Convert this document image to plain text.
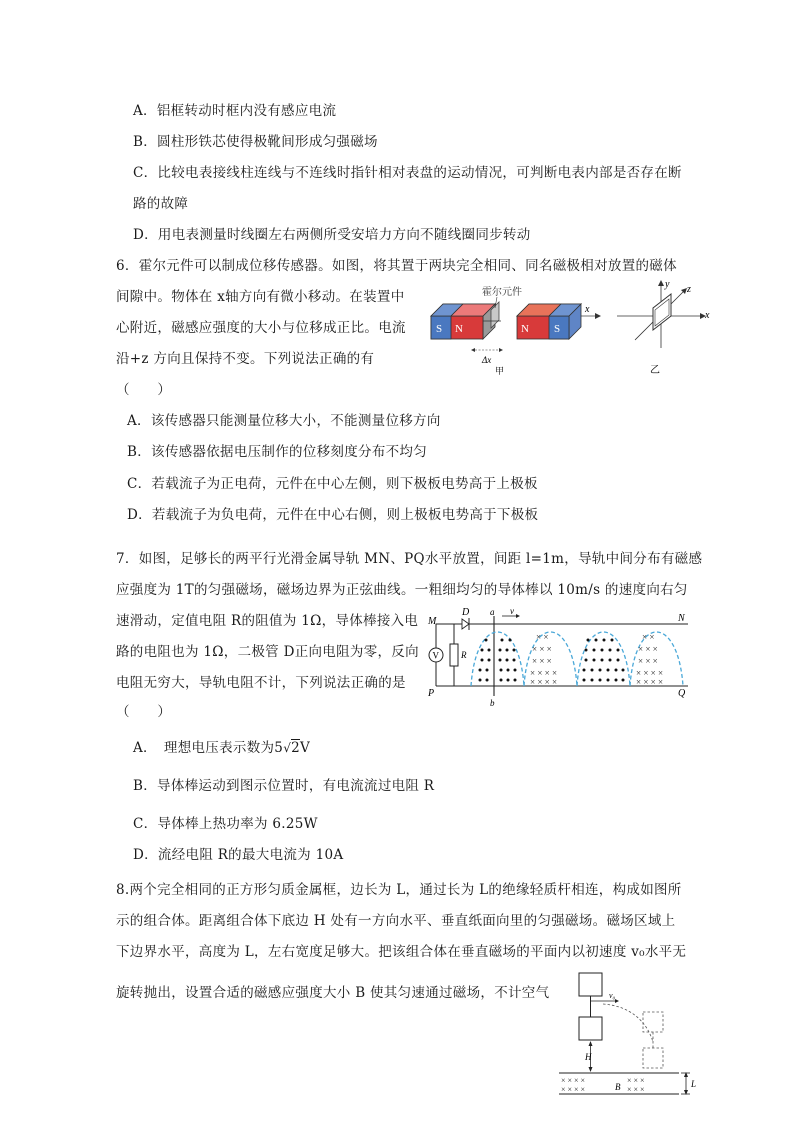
A．铝框转动时框内没有感应电流
B．圆柱形铁芯使得极靴间形成匀强磁场
C．比较电表接线柱连线与不连线时指针相对表盘的运动情况，可判断电表内部是否存在断
路的故障
D．用电表测量时线圈左右两侧所受安培力方向不随线圈同步转动
6．霍尔元件可以制成位移传感器。如图，将其置于两块完全相同、同名磁极相对放置的磁体
间隙中。物体在 x轴方向有微小移动。在装置中
心附近，磁感应强度的大小与位移成正比。电流
沿+z 方向且保持不变。下列说法正确的有
（　　）
A．该传感器只能测量位移大小，不能测量位移方向
B．该传感器依据电压制作的位移刻度分布不均匀
C．若载流子为正电荷，元件在中心左侧，则下极板电势高于上极板
D．若载流子为负电荷，元件在中心右侧，则上极板电势高于下极板
S N
霍尔元件
N S
x
Δx
甲
x
y z
乙
7．如图，足够长的两平行光滑金属导轨 MN、PQ水平放置，间距 l=1m，导轨中间分布有磁感
应强度为 1T的匀强磁场，磁场边界为正弦曲线。一粗细均匀的导体棒以 10m/s 的速度向右匀
速滑动，定值电阻 R的阻值为 1Ω，导体棒接入电
路的电阻也为 1Ω，二极管 D正向电阻为零，反向
电阻无穷大，导轨电阻不计，下列说法正确的是
（　　）
A．　理想电压表示数为5√2V
B．导体棒运动到图示位置时，有电流流过电阻 R
C．导体棒上热功率为 6.25W
D．流经电阻 R的最大电流为 10A
M
P
N
Q
V R
D a
b
v
× ×
× × ×
× × ×
× × × ×
× × × ×
× ×
× × ×
× × ×
× × × ×
× × × ×
8.两个完全相同的正方形匀质金属框，边长为 L，通过长为 L的绝缘轻质杆相连，构成如图所
示的组合体。距离组合体下底边 H 处有一方向水平、垂直纸面向里的匀强磁场。磁场区域上
下边界水平，高度为 L，左右宽度足够大。把该组合体在垂直磁场的平面内以初速度 v₀水平无
旋转抛出，设置合适的磁感应强度大小 B 使其匀速通过磁场，不计空气	v₀
H
× × × ×
× × × ×
× × ×
× × ×
B	L
